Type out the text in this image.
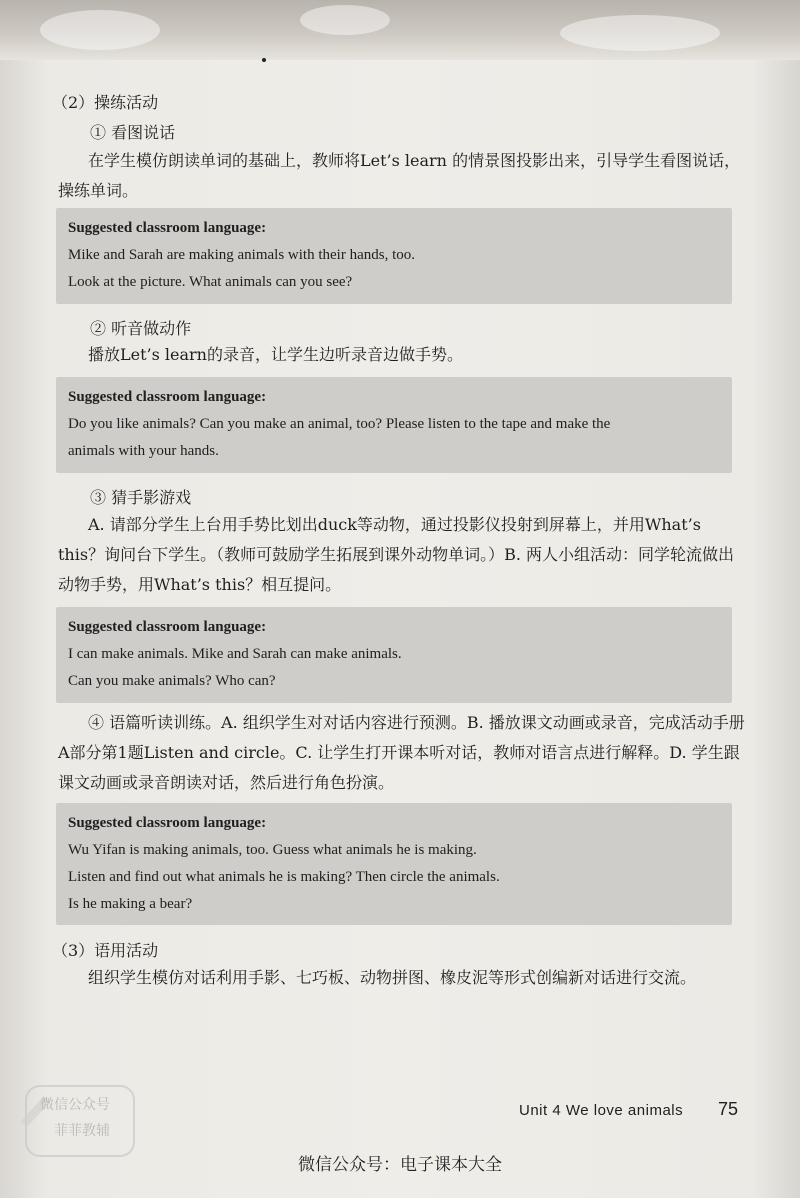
（2）操练活动
① 看图说话
在学生模仿朗读单词的基础上，教师将Let’s learn 的情景图投影出来，引导学生看图说话，操练单词。
Suggested classroom language:
Mike and Sarah are making animals with their hands, too.
Look at the picture. What animals can you see?
② 听音做动作
播放Let’s learn的录音，让学生边听录音边做手势。
Suggested classroom language:
Do you like animals? Can you make an animal, too? Please listen to the tape and make the
animals with your hands.
③ 猜手影游戏
A. 请部分学生上台用手势比划出duck等动物，通过投影仪投射到屏幕上，并用What’s this？询问台下学生。（教师可鼓励学生拓展到课外动物单词。）B. 两人小组活动：同学轮流做出动物手势，用What’s this？相互提问。
Suggested classroom language:
I can make animals. Mike and Sarah can make animals.
Can you make animals? Who can?
④ 语篇听读训练。A. 组织学生对对话内容进行预测。B. 播放课文动画或录音，完成活动手册A部分第1题Listen and circle。C. 让学生打开课本听对话，教师对语言点进行解释。D. 学生跟课文动画或录音朗读对话，然后进行角色扮演。
Suggested classroom language:
Wu Yifan is making animals, too. Guess what animals he is making.
Listen and find out what animals he is making? Then circle the animals.
Is he making a bear?
（3）语用活动
组织学生模仿对话利用手影、七巧板、动物拼图、橡皮泥等形式创编新对话进行交流。
微信公众号
菲菲教辅
Unit 4 We love animals 75
微信公众号：电子课本大全
